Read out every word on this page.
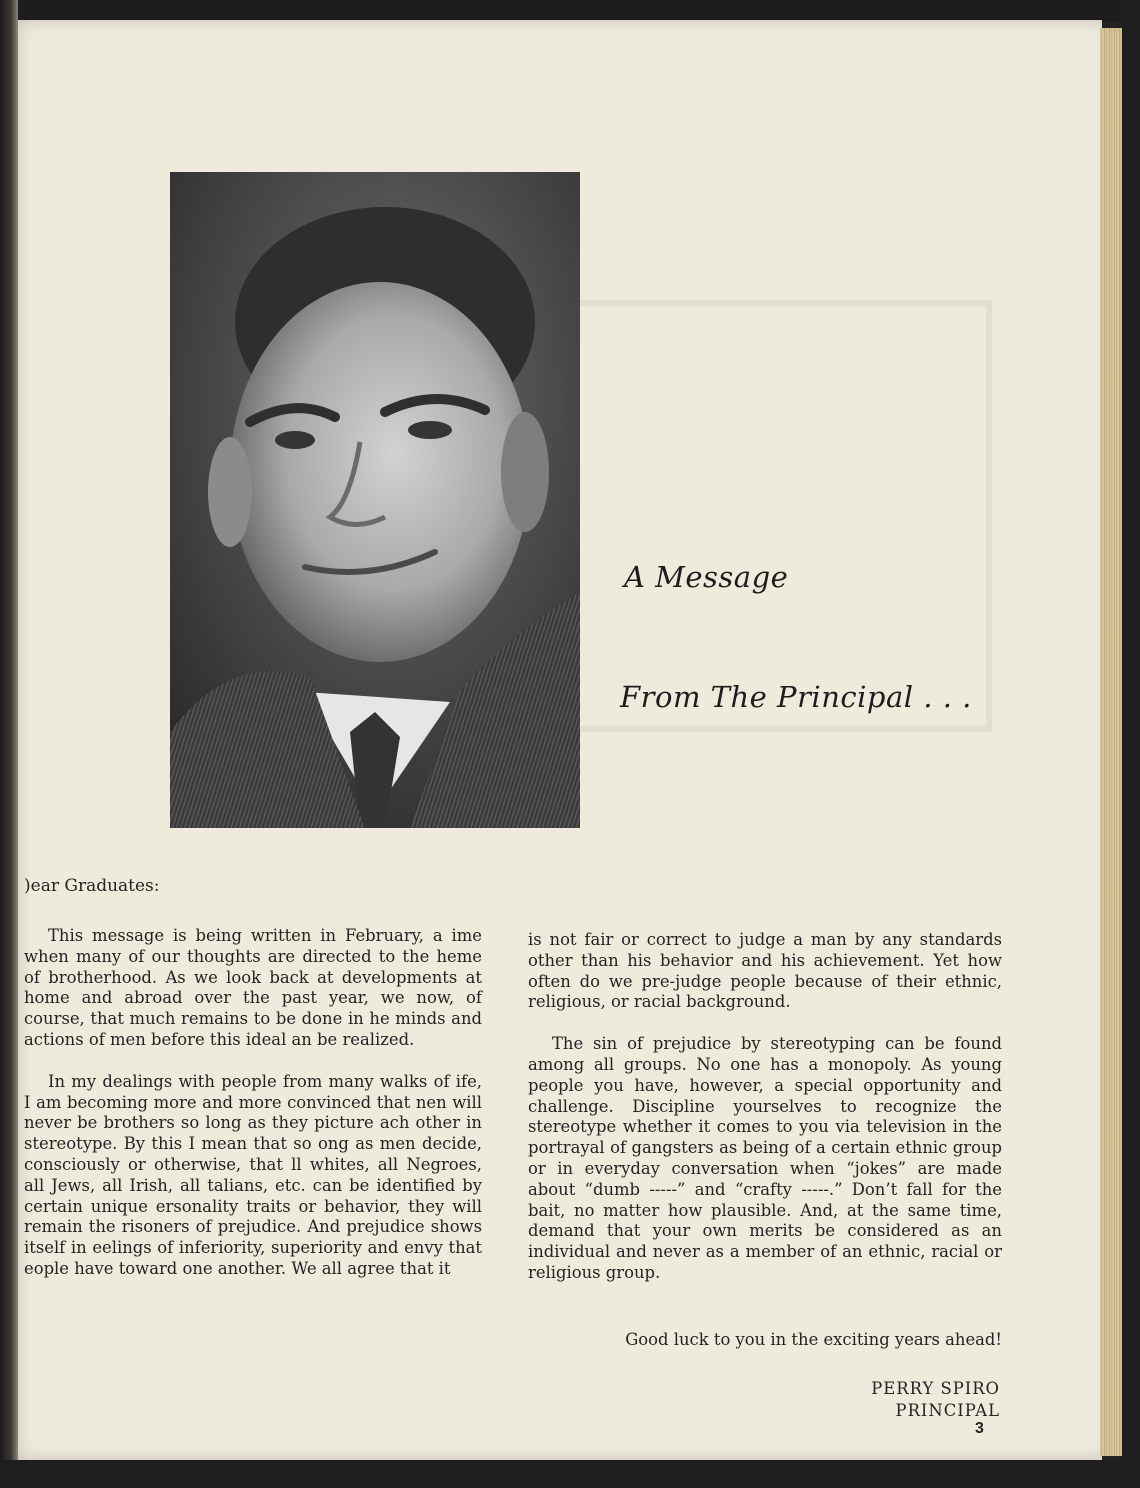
A Message
From The Principal . . .
)ear Graduates:

This message is being written in February, a ime when many of our thoughts are directed to the heme of brotherhood. As we look back at developments at home and abroad over the past year, we now, of course, that much remains to be done in he minds and actions of men before this ideal an be realized.

In my dealings with people from many walks of ife, I am becoming more and more convinced that nen will never be brothers so long as they picture ach other in stereotype. By this I mean that so ong as men decide, consciously or otherwise, that ll whites, all Negroes, all Jews, all Irish, all talians, etc. can be identified by certain unique ersonality traits or behavior, they will remain the risoners of prejudice. And prejudice shows itself in eelings of inferiority, superiority and envy that eople have toward one another. We all agree that it

is not fair or correct to judge a man by any standards other than his behavior and his achievement. Yet how often do we pre-judge people because of their ethnic, religious, or racial background.

The sin of prejudice by stereotyping can be found among all groups. No one has a monopoly. As young people you have, however, a special opportunity and challenge. Discipline yourselves to recognize the stereotype whether it comes to you via television in the portrayal of gangsters as being of a certain ethnic group or in everyday conversation when “jokes” are made about “dumb -----” and “crafty -----.” Don’t fall for the bait, no matter how plausible. And, at the same time, demand that your own merits be considered as an individual and never as a member of an ethnic, racial or religious group.

Good luck to you in the exciting years ahead!
PERRY SPIRO
PRINCIPAL
3
